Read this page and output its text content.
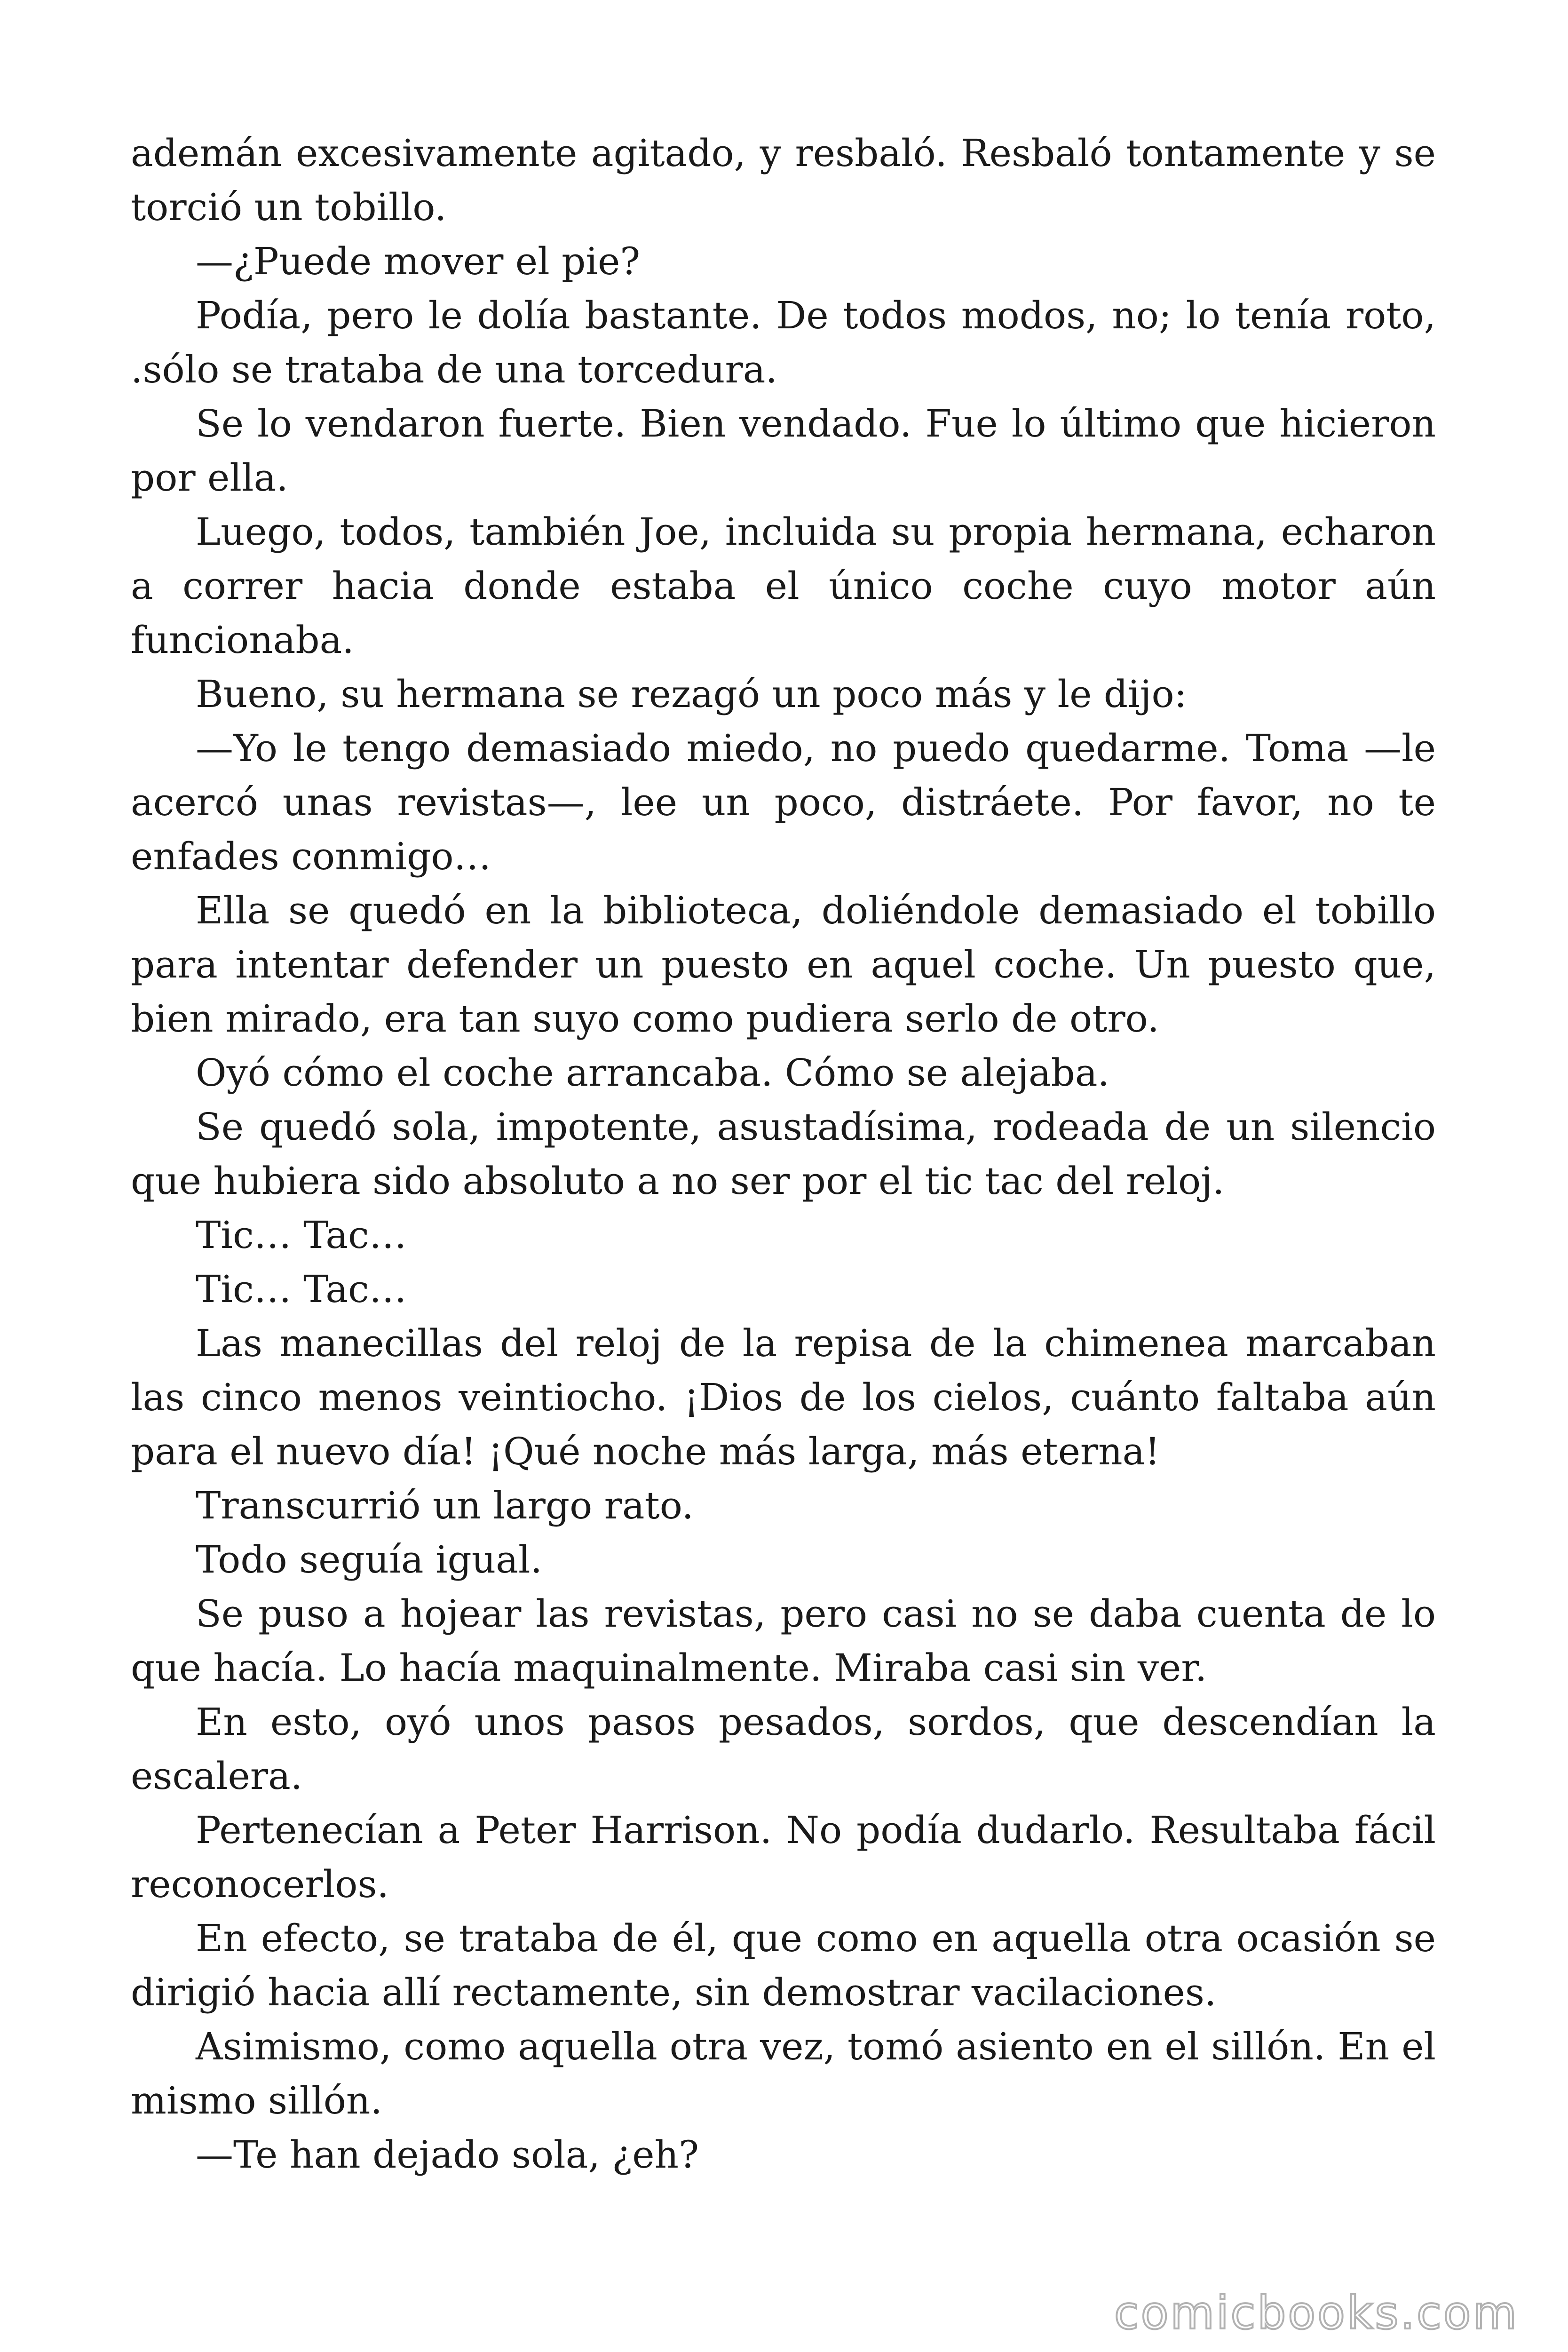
ademán excesivamente agitado, y resbaló. Resbaló tontamente y se torció un tobillo.

—¿Puede mover el pie?

Podía, pero le dolía bastante. De todos modos, no; lo tenía roto, .sólo se trataba de una torcedura.

Se lo vendaron fuerte. Bien vendado. Fue lo último que hicieron por ella.

Luego, todos, también Joe, incluida su propia hermana, echaron a correr hacia donde estaba el único coche cuyo motor aún funcionaba.

Bueno, su hermana se rezagó un poco más y le dijo:

—Yo le tengo demasiado miedo, no puedo quedarme. Toma —le acercó unas revistas—, lee un poco, distráete. Por favor, no te enfades conmigo…

Ella se quedó en la biblioteca, doliéndole demasiado el tobillo para intentar defender un puesto en aquel coche. Un puesto que, bien mirado, era tan suyo como pudiera serlo de otro.

Oyó cómo el coche arrancaba. Cómo se alejaba.

Se quedó sola, impotente, asustadísima, rodeada de un silencio que hubiera sido absoluto a no ser por el tic tac del reloj.

Tic… Tac…

Tic… Tac…

Las manecillas del reloj de la repisa de la chimenea marcaban las cinco menos veintiocho. ¡Dios de los cielos, cuánto faltaba aún para el nuevo día! ¡Qué noche más larga, más eterna!

Transcurrió un largo rato.

Todo seguía igual.

Se puso a hojear las revistas, pero casi no se daba cuenta de lo que hacía. Lo hacía maquinalmente. Miraba casi sin ver.

En esto, oyó unos pasos pesados, sordos, que descendían la escalera.

Pertenecían a Peter Harrison. No podía dudarlo. Resultaba fácil reconocerlos.

En efecto, se trataba de él, que como en aquella otra ocasión se dirigió hacia allí rectamente, sin demostrar vacilaciones.

Asimismo, como aquella otra vez, tomó asiento en el sillón. En el mismo sillón.

—Te han dejado sola, ¿eh?

comicbooks.com
